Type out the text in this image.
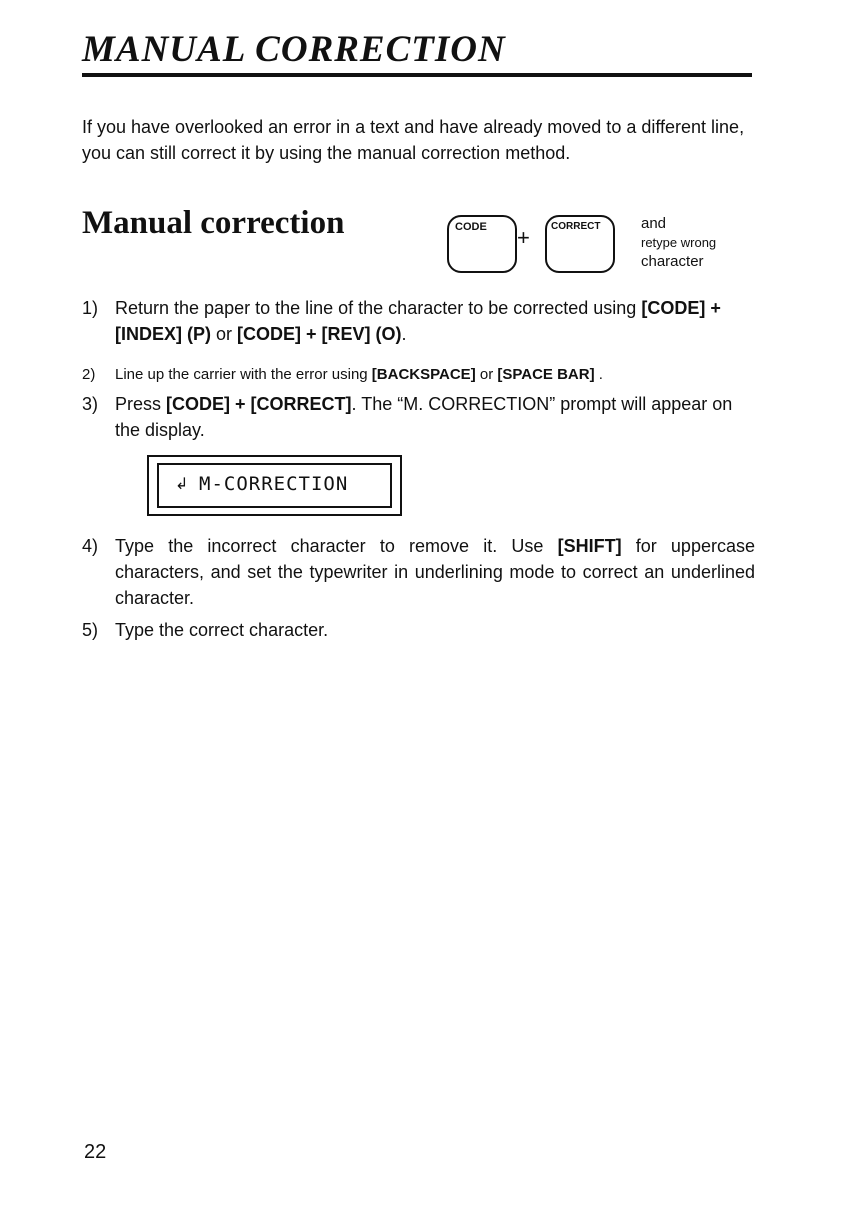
MANUAL CORRECTION
If you have overlooked an error in a text and have already moved to a different line, you can still correct it by using the manual correction method.
Manual correction	CODE + CORRECT	and
retype wrong
character
1) Return the paper to the line of the character to be corrected using [CODE] + [INDEX] (P) or [CODE] + [REV] (O).
2) Line up the carrier with the error using [BACKSPACE] or [SPACE BAR] .
3) Press [CODE] + [CORRECT]. The “M. CORRECTION” prompt will appear on the display.
↲ M-CORRECTION
4) Type the incorrect character to remove it. Use [SHIFT] for uppercase characters, and set the typewriter in underlining mode to correct an underlined character.
5) Type the correct character.
22
